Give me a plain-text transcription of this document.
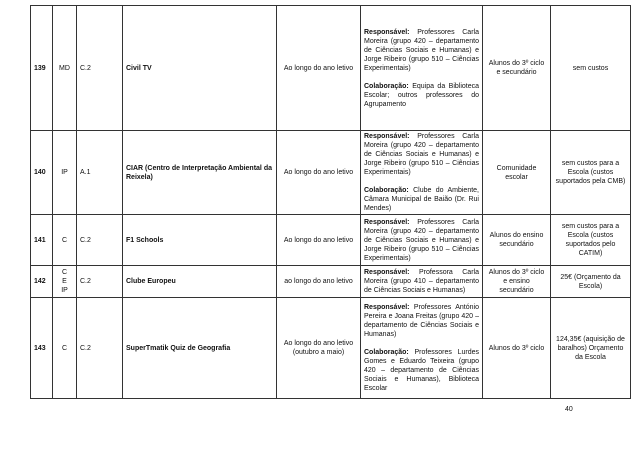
139	MD	C.2	Civil TV	Ao longo do ano letivo	Responsável: Professores Carla Moreira (grupo 420 – departamento de Ciências Sociais e Humanas) e Jorge Ribeiro (grupo 510 – Ciências Experimentais)

Colaboração: Equipa da Biblioteca Escolar; outros professores do Agrupamento	Alunos do 3º ciclo e secundário	sem custos
140	IP	A.1	CIAR (Centro de Interpretação Ambiental da Reixela)	Ao longo do ano letivo	Responsável: Professores Carla Moreira (grupo 420 – departamento de Ciências Sociais e Humanas) e Jorge Ribeiro (grupo 510 – Ciências Experimentais)

Colaboração: Clube do Ambiente, Câmara Municipal de Baião (Dr. Rui Mendes)	Comunidade escolar	sem custos para a Escola (custos suportados pela CMB)
141	C	C.2	F1 Schools	Ao longo do ano letivo	Responsável: Professores Carla Moreira (grupo 420 – departamento de Ciências Sociais e Humanas) e Jorge Ribeiro (grupo 510 – Ciências Experimentais)	Alunos do ensino secundário	sem custos para a Escola (custos suportados pelo CATIM)
142	C E IP	C.2	Clube Europeu	ao longo do ano letivo	Responsável: Professora Carla Moreira (grupo 410 – departamento de Ciências Sociais e Humanas)	Alunos do 3º ciclo e ensino secundário	25€ (Orçamento da Escola)
143	C	C.2	SuperTmatik Quiz de Geografia	Ao longo do ano letivo (outubro a maio)	Responsável: Professores António Pereira e Joana Freitas (grupo 420 – departamento de Ciências Sociais e Humanas)

Colaboração: Professores Lurdes Gomes e Eduardo Teixeira (grupo 420 – departamento de Ciências Sociais e Humanas), Biblioteca Escolar	Alunos do 3º ciclo	124,35€ (aquisição de baralhos) Orçamento da Escola
40
